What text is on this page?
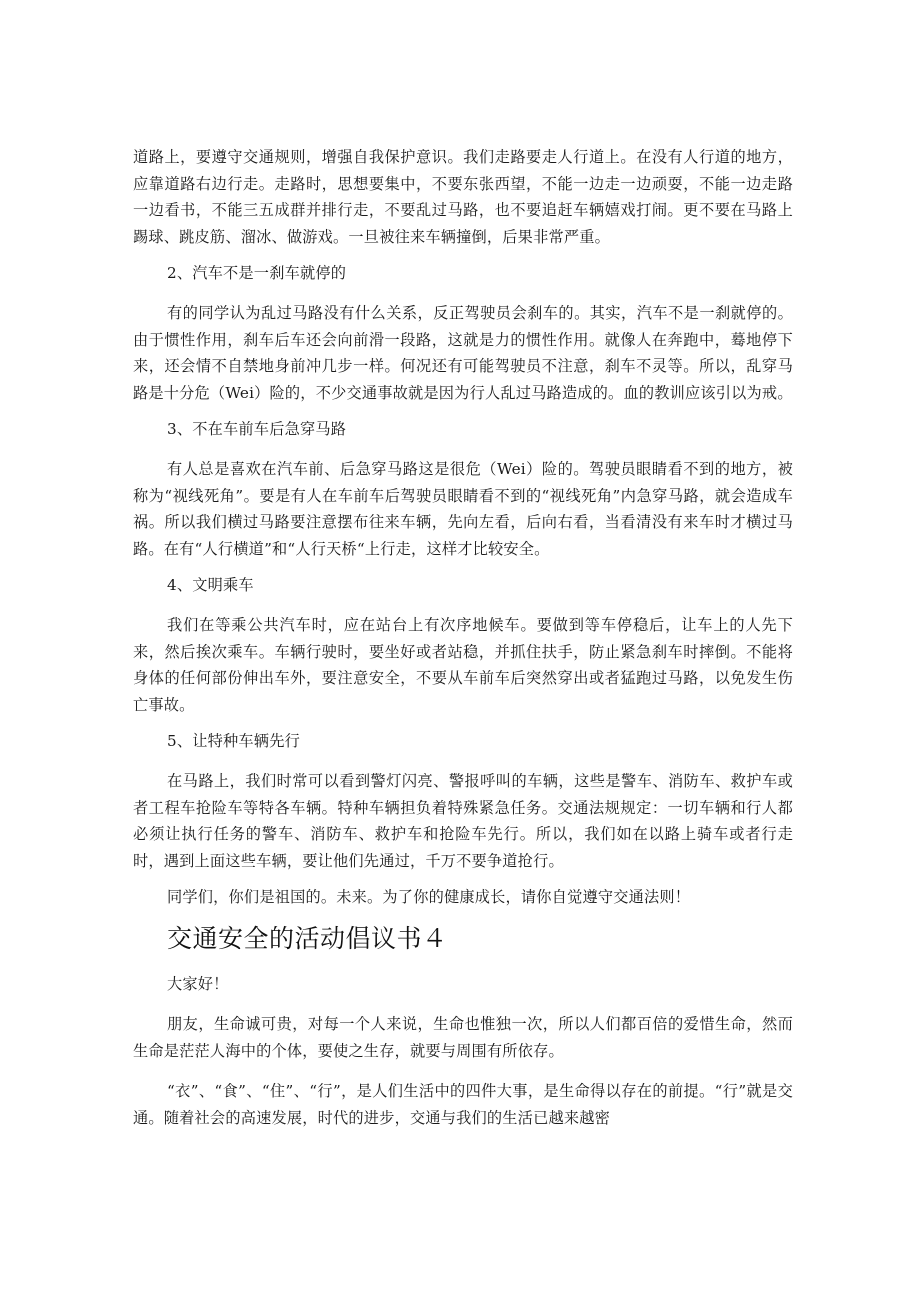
道路上，要遵守交通规则，增强自我保护意识。我们走路要走人行道上。在没有人行道的地方，应靠道路右边行走。走路时，思想要集中，不要东张西望，不能一边走一边顽耍，不能一边走路一边看书，不能三五成群并排行走，不要乱过马路，也不要追赶车辆嬉戏打闹。更不要在马路上踢球、跳皮筋、溜冰、做游戏。一旦被往来车辆撞倒，后果非常严重。

2、汽车不是一刹车就停的

有的同学认为乱过马路没有什么关系，反正驾驶员会刹车的。其实，汽车不是一刹就停的。由于惯性作用，刹车后车还会向前滑一段路，这就是力的惯性作用。就像人在奔跑中，蓦地停下来，还会情不自禁地身前冲几步一样。何况还有可能驾驶员不注意，刹车不灵等。所以，乱穿马路是十分危（Wei）险的，不少交通事故就是因为行人乱过马路造成的。血的教训应该引以为戒。

3、不在车前车后急穿马路

有人总是喜欢在汽车前、后急穿马路这是很危（Wei）险的。驾驶员眼睛看不到的地方，被称为“视线死角”。要是有人在车前车后驾驶员眼睛看不到的“视线死角”内急穿马路，就会造成车祸。所以我们横过马路要注意摆布往来车辆，先向左看，后向右看，当看清没有来车时才横过马路。在有“人行横道”和“人行天桥“上行走，这样才比较安全。

4、文明乘车

我们在等乘公共汽车时，应在站台上有次序地候车。要做到等车停稳后，让车上的人先下来，然后挨次乘车。车辆行驶时，要坐好或者站稳，并抓住扶手，防止紧急刹车时摔倒。不能将身体的任何部份伸出车外，要注意安全，不要从车前车后突然穿出或者猛跑过马路，以免发生伤亡事故。

5、让特种车辆先行

在马路上，我们时常可以看到警灯闪亮、警报呼叫的车辆，这些是警车、消防车、救护车或者工程车抢险车等特各车辆。特种车辆担负着特殊紧急任务。交通法规规定：一切车辆和行人都必须让执行任务的警车、消防车、救护车和抢险车先行。所以，我们如在以路上骑车或者行走时，遇到上面这些车辆，要让他们先通过，千万不要争道抢行。

同学们，你们是祖国的。未来。为了你的健康成长，请你自觉遵守交通法则！

交通安全的活动倡议书４

大家好！

朋友，生命诚可贵，对每一个人来说，生命也惟独一次，所以人们都百倍的爱惜生命，然而生命是茫茫人海中的个体，要使之生存，就要与周围有所依存。

“衣”、“食”、“住”、“行”，是人们生活中的四件大事，是生命得以存在的前提。“行”就是交通。随着社会的高速发展，时代的进步，交通与我们的生活已越来越密
